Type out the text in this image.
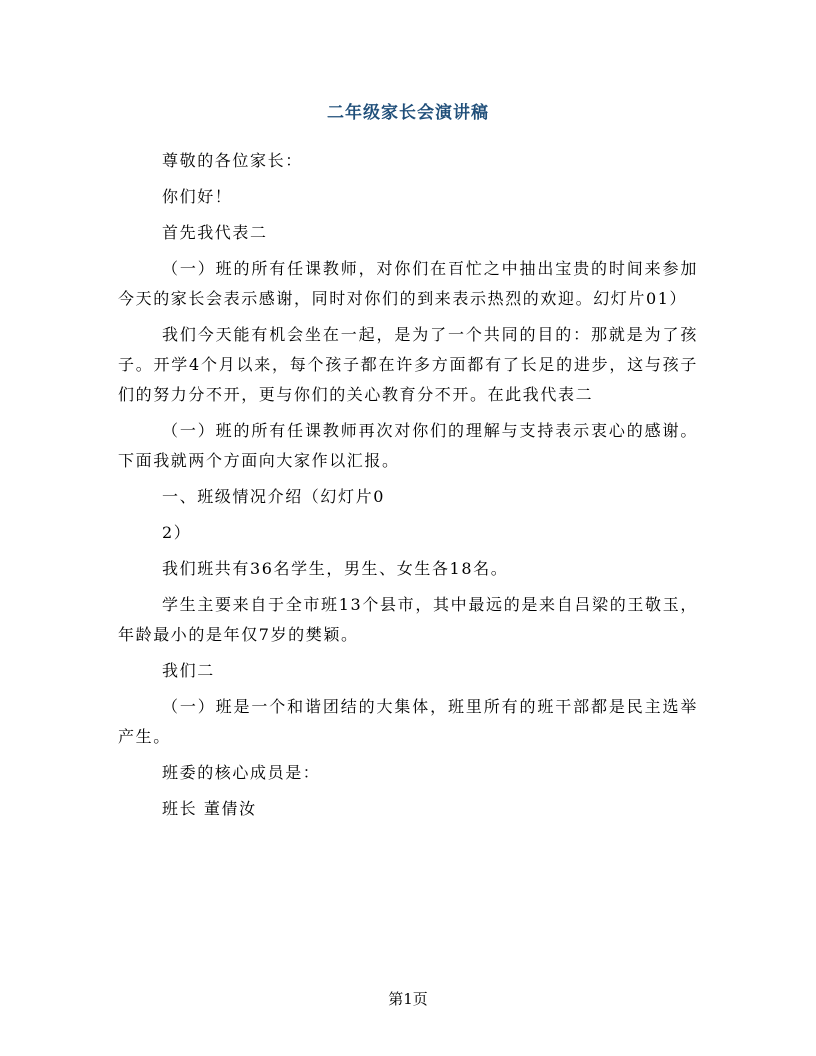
二年级家长会演讲稿

尊敬的各位家长：

你们好！

首先我代表二

（一）班的所有任课教师，对你们在百忙之中抽出宝贵的时间来参加今天的家长会表示感谢，同时对你们的到来表示热烈的欢迎。幻灯片01）

我们今天能有机会坐在一起，是为了一个共同的目的：那就是为了孩子。开学4个月以来，每个孩子都在许多方面都有了长足的进步，这与孩子们的努力分不开，更与你们的关心教育分不开。在此我代表二

（一）班的所有任课教师再次对你们的理解与支持表示衷心的感谢。下面我就两个方面向大家作以汇报。

一、班级情况介绍（幻灯片0

2）

我们班共有36名学生，男生、女生各18名。

学生主要来自于全市班13个县市，其中最远的是来自吕梁的王敬玉，年龄最小的是年仅7岁的樊颖。

我们二

（一）班是一个和谐团结的大集体，班里所有的班干部都是民主选举产生。

班委的核心成员是：

班长 董倩汝

第1页
